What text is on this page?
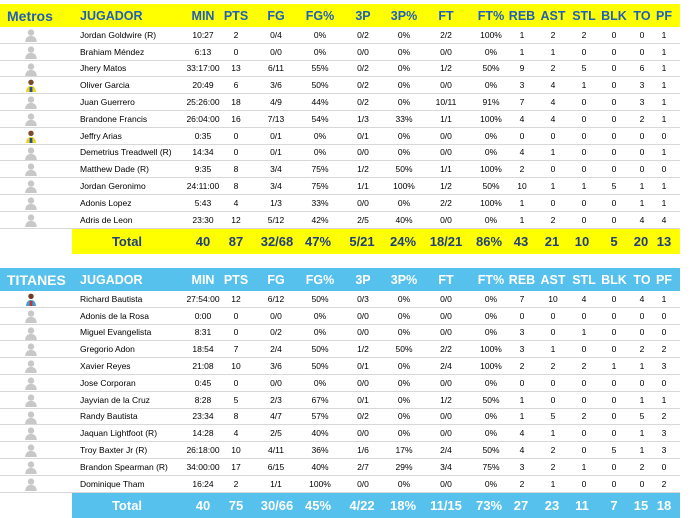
Metros	JUGADOR	MIN PTS	FG	FG%	3P	3P%	FT	FT% REB AST STL BLK TO PF
Jordan Goldwire (R)	10:27	2	0/4	0%	0/2	0%	2/2	100%	1	2	2	0	0	1
Brahiam Méndez	6:13	0	0/0	0%	0/0	0%	0/0	0%	1	1	0	0	0	1
Jhery Matos	33:17:00	13	6/11	55%	0/2	0%	1/2	50%	9	2	5	0	6	1
Oliver Garcia	20:49	6	3/6	50%	0/2	0%	0/0	0%	3	4	1	0	3	1
Juan Guerrero	25:26:00	18	4/9	44%	0/2	0%	10/11	91%	7	4	0	0	3	1
Brandone Francis	26:04:00	16	7/13	54%	1/3	33%	1/1	100%	4	4	0	0	2	1
Jeffry Arias	0:35	0	0/1	0%	0/1	0%	0/0	0%	0	0	0	0	0	0
Demetrius Treadwell (R)	14:34	0	0/1	0%	0/0	0%	0/0	0%	4	1	0	0	0	1
Matthew Dade (R)	9:35	8	3/4	75%	1/2	50%	1/1	100%	2	0	0	0	0	0
Jordan Geronimo	24:11:00	8	3/4	75%	1/1	100%	1/2	50%	10	1	1	5	1	1
Adonis Lopez	5:43	4	1/3	33%	0/0	0%	2/2	100%	1	0	0	0	1	1
Adris de Leon	23:30	12	5/12	42%	2/5	40%	0/0	0%	1	2	0	0	4	4
Total	40	87	32/68 47%	5/21	24%	18/21	86% 43	21	10	5	20 13
TITANES	JUGADOR	MIN PTS	FG	FG%	3P	3P%	FT	FT% REB AST STL BLK TO PF
Richard Bautista	27:54:00	12	6/12	50%	0/3	0%	0/0	0%	7	10	4	0	4	1
Adonis de la Rosa	0:00	0	0/0	0%	0/0	0%	0/0	0%	0	0	0	0	0	0
Miguel Evangelista	8:31	0	0/2	0%	0/0	0%	0/0	0%	3	0	1	0	0	0
Gregorio Adon	18:54	7	2/4	50%	1/2	50%	2/2	100%	3	1	0	0	2	2
Xavier Reyes	21:08	10	3/6	50%	0/1	0%	2/4	100%	2	2	2	1	1	3
Jose Corporan	0:45	0	0/0	0%	0/0	0%	0/0	0%	0	0	0	0	0	0
Jayvian de la Cruz	8:28	5	2/3	67%	0/1	0%	1/2	50%	1	0	0	0	1	1
Randy Bautista	23:34	8	4/7	57%	0/2	0%	0/0	0%	1	5	2	0	5	2
Jaquan Lightfoot (R)	14:28	4	2/5	40%	0/0	0%	0/0	0%	4	1	0	0	1	3
Troy Baxter Jr (R)	26:18:00	10	4/11	36%	1/6	17%	2/4	50%	4	2	0	5	1	3
Brandon Spearman (R)	34:00:00	17	6/15	40%	2/7	29%	3/4	75%	3	2	1	0	2	0
Dominique Tham	16:24	2	1/1	100%	0/0	0%	0/0	0%	2	1	0	0	0	2
Total	40	75	30/66 45%	4/22	18%	11/15	73% 27	23	11	7	15 18
